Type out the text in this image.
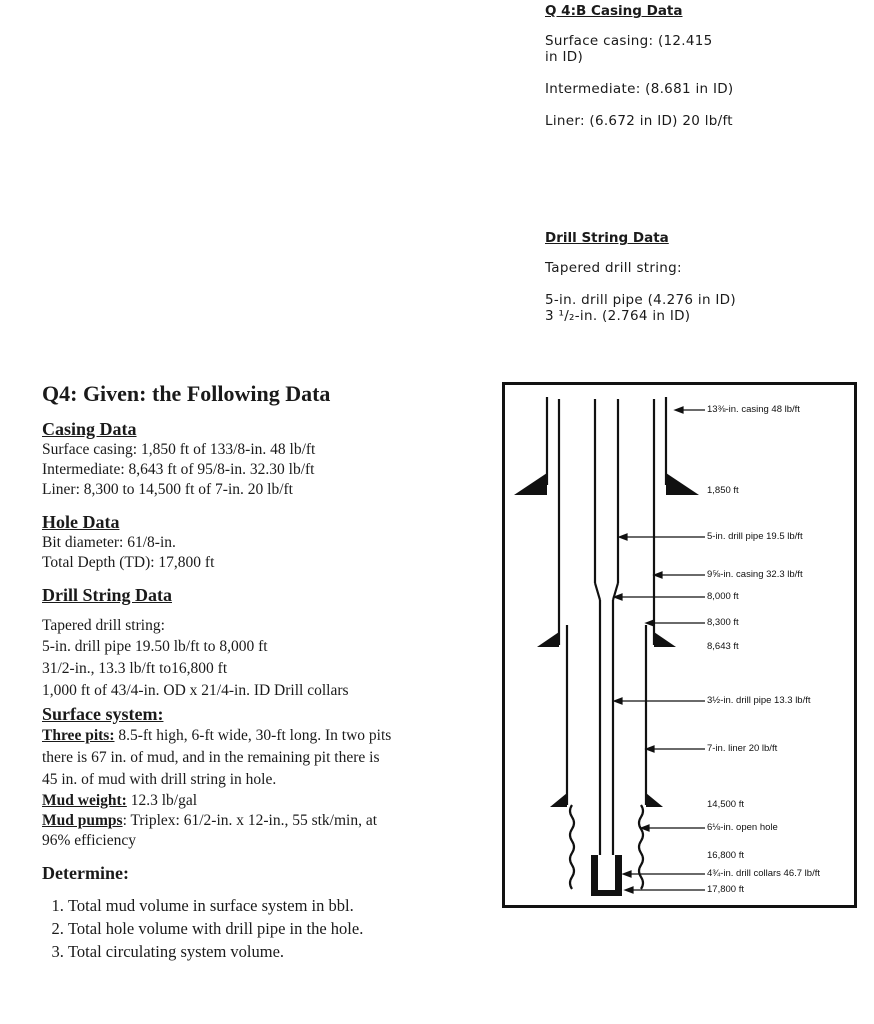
Q 4:B Casing Data
Surface casing: (12.415
in ID)
Intermediate: (8.681 in ID)
Liner: (6.672 in ID) 20 lb/ft
Drill String Data
Tapered drill string:
5-in. drill pipe (4.276 in ID)
3 ¹/₂-in. (2.764 in ID)
Q4: Given: the Following Data
Casing Data
Surface casing: 1,850 ft of 133/8-in. 48 lb/ft
Intermediate: 8,643 ft of 95/8-in. 32.30 lb/ft
Liner: 8,300 to 14,500 ft of 7-in. 20 lb/ft
Hole Data
Bit diameter: 61/8-in.
Total Depth (TD): 17,800 ft
Drill String Data
Tapered drill string:
5-in. drill pipe 19.50 lb/ft to 8,000 ft
31/2-in., 13.3 lb/ft to16,800 ft
1,000 ft of 43/4-in. OD x 21/4-in. ID Drill collars
Surface system:
Three pits: 8.5-ft high, 6-ft wide, 30-ft long. In two pits
there is 67 in. of mud, and in the remaining pit there is
45 in. of mud with drill string in hole.
Mud weight: 12.3 lb/gal
Mud pumps: Triplex: 61/2-in. x 12-in., 55 stk/min, at
96% efficiency
Determine:
1. Total mud volume in surface system in bbl.
2. Total hole volume with drill pipe in the hole.
3. Total circulating system volume.
13⅜-in. casing 48 lb/ft
1,850 ft
5-in. drill pipe 19.5 lb/ft
9⅝-in. casing 32.3 lb/ft
8,000 ft
8,300 ft
8,643 ft
3½-in. drill pipe 13.3 lb/ft
7-in. liner 20 lb/ft
14,500 ft
6⅛-in. open hole
16,800 ft
4¾-in. drill collars 46.7 lb/ft
17,800 ft
